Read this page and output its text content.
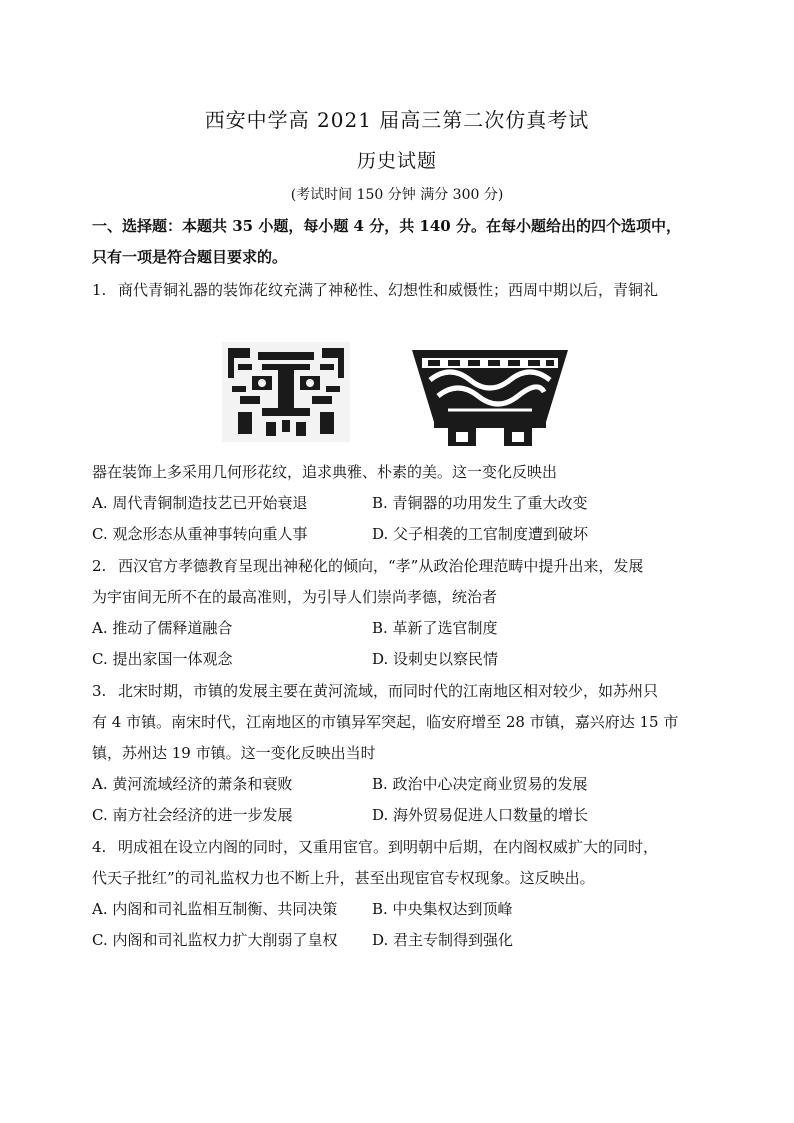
西安中学高 2021 届高三第二次仿真考试
历史试题
(考试时间 150 分钟 满分 300 分)
一、选择题：本题共 35 小题，每小题 4 分，共 140 分。在每小题给出的四个选项中，
只有一项是符合题目要求的。
1. 商代青铜礼器的装饰花纹充满了神秘性、幻想性和威慑性；西周中期以后，青铜礼
器在装饰上多采用几何形花纹，追求典雅、朴素的美。这一变化反映出
A. 周代青铜制造技艺已开始衰退	B. 青铜器的功用发生了重大改变
C. 观念形态从重神事转向重人事	D. 父子相袭的工官制度遭到破坏
2. 西汉官方孝德教育呈现出神秘化的倾向，“孝”从政治伦理范畴中提升出来，发展
为宇宙间无所不在的最高准则，为引导人们崇尚孝德，统治者
A. 推动了儒释道融合	B. 革新了选官制度
C. 提出家国一体观念	D. 设刺史以察民情
3. 北宋时期，市镇的发展主要在黄河流域，而同时代的江南地区相对较少，如苏州只
有 4 市镇。南宋时代，江南地区的市镇异军突起，临安府增至 28 市镇，嘉兴府达 15 市
镇，苏州达 19 市镇。这一变化反映出当时
A. 黄河流域经济的萧条和衰败	B. 政治中心决定商业贸易的发展
C. 南方社会经济的进一步发展	D. 海外贸易促进人口数量的增长
4. 明成祖在设立内阁的同时，又重用宦官。到明朝中后期，在内阁权威扩大的同时，
代天子批红”的司礼监权力也不断上升，甚至出现宦官专权现象。这反映出。
A. 内阁和司礼监相互制衡、共同决策 B. 中央集权达到顶峰
C. 内阁和司礼监权力扩大削弱了皇权 D. 君主专制得到强化
